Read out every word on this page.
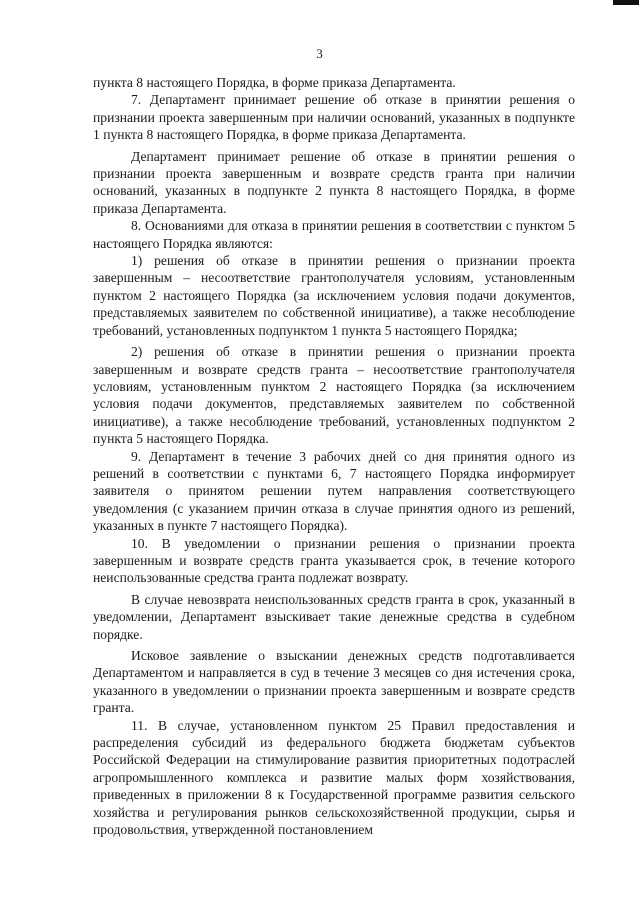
3

пункта 8 настоящего Порядка, в форме приказа Департамента.

7. Департамент принимает решение об отказе в принятии решения о признании проекта завершенным при наличии оснований, указанных в подпункте 1 пункта 8 настоящего Порядка, в форме приказа Департамента.

Департамент принимает решение об отказе в принятии решения о признании проекта завершенным и возврате средств гранта при наличии оснований, указанных в подпункте 2 пункта 8 настоящего Порядка, в форме приказа Департамента.

8. Основаниями для отказа в принятии решения в соответствии с пунктом 5 настоящего Порядка являются:

1) решения об отказе в принятии решения о признании проекта завершенным – несоответствие грантополучателя условиям, установленным пунктом 2 настоящего Порядка (за исключением условия подачи документов, представляемых заявителем по собственной инициативе), а также несоблюдение требований, установленных подпунктом 1 пункта 5 настоящего Порядка;

2) решения об отказе в принятии решения о признании проекта завершенным и возврате средств гранта – несоответствие грантополучателя условиям, установленным пунктом 2 настоящего Порядка (за исключением условия подачи документов, представляемых заявителем по собственной инициативе), а также несоблюдение требований, установленных подпунктом 2 пункта 5 настоящего Порядка.

9. Департамент в течение 3 рабочих дней со дня принятия одного из решений в соответствии с пунктами 6, 7 настоящего Порядка информирует заявителя о принятом решении путем направления соответствующего уведомления (с указанием причин отказа в случае принятия одного из решений, указанных в пункте 7 настоящего Порядка).

10. В уведомлении о признании решения о признании проекта завершенным и возврате средств гранта указывается срок, в течение которого неиспользованные средства гранта подлежат возврату.

В случае невозврата неиспользованных средств гранта в срок, указанный в уведомлении, Департамент взыскивает такие денежные средства в судебном порядке.

Исковое заявление о взыскании денежных средств подготавливается Департаментом и направляется в суд в течение 3 месяцев со дня истечения срока, указанного в уведомлении о признании проекта завершенным и возврате средств гранта.

11. В случае, установленном пунктом 25 Правил предоставления и распределения субсидий из федерального бюджета бюджетам субъектов Российской Федерации на стимулирование развития приоритетных подотраслей агропромышленного комплекса и развитие малых форм хозяйствования, приведенных в приложении 8 к Государственной программе развития сельского хозяйства и регулирования рынков сельскохозяйственной продукции, сырья и продовольствия, утвержденной постановлением
